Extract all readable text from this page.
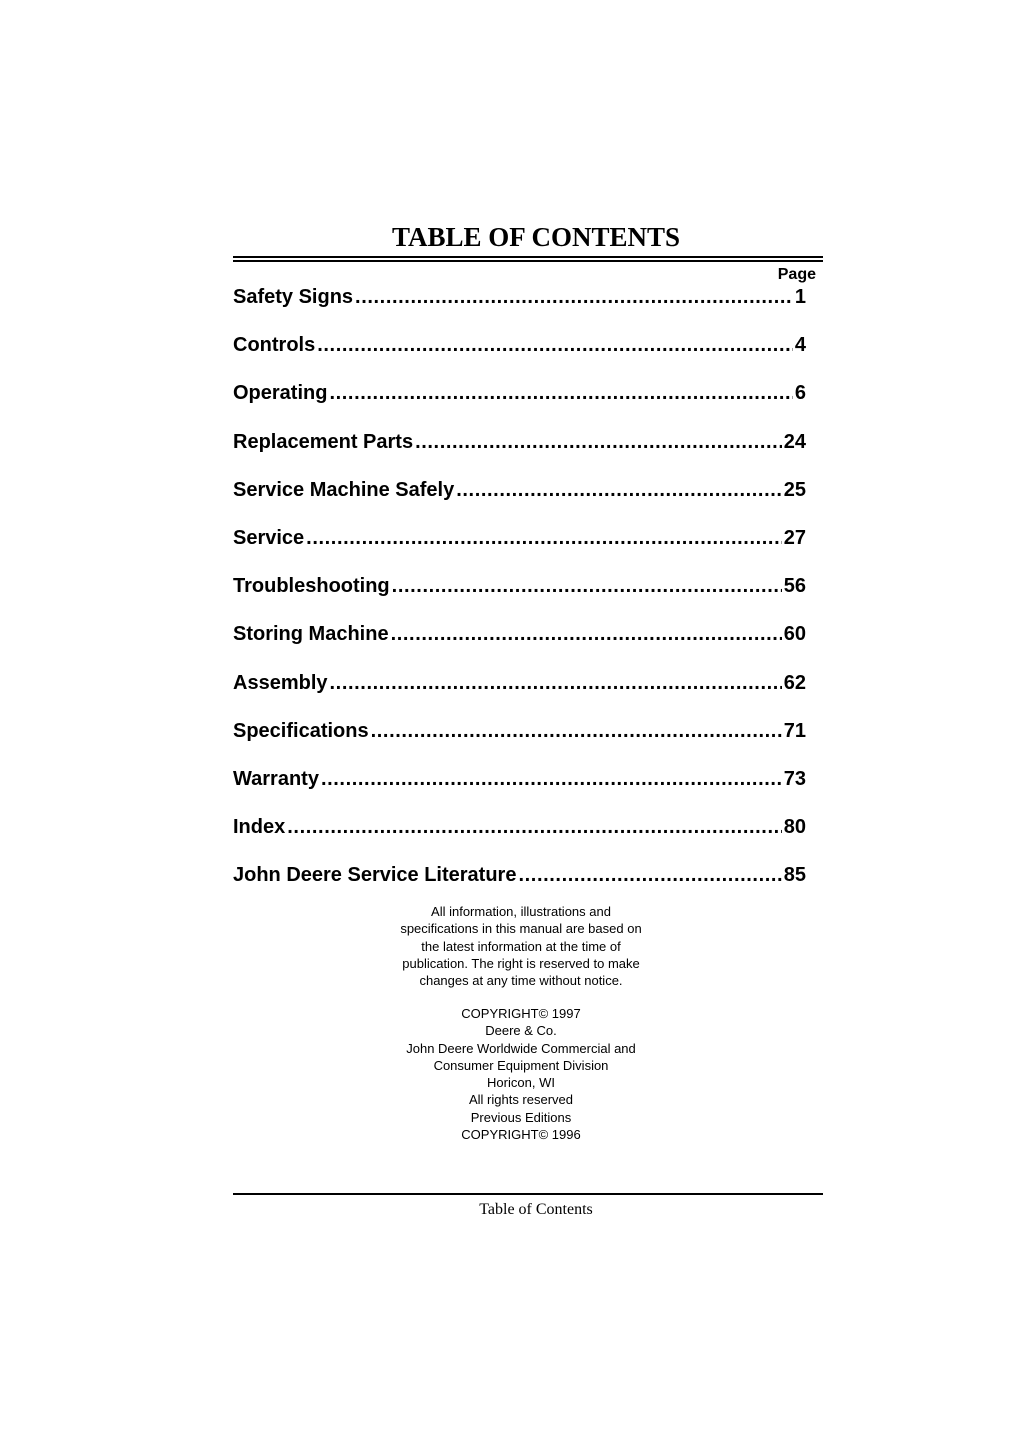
TABLE OF CONTENTS
Page
Safety Signs .....	1
Controls .....	4
Operating .....	6
Replacement Parts .....	24
Service Machine Safely .....	25
Service .....	27
Troubleshooting .....	56
Storing Machine .....	60
Assembly .....	62
Specifications .....	71
Warranty .....	73
Index .....	80
John Deere Service Literature .....	85
All information, illustrations and
specifications in this manual are based on
the latest information at the time of
publication. The right is reserved to make
changes at any time without notice.
COPYRIGHT© 1997
Deere & Co.
John Deere Worldwide Commercial and
Consumer Equipment Division
Horicon, WI
All rights reserved
Previous Editions
COPYRIGHT© 1996
Table of Contents
